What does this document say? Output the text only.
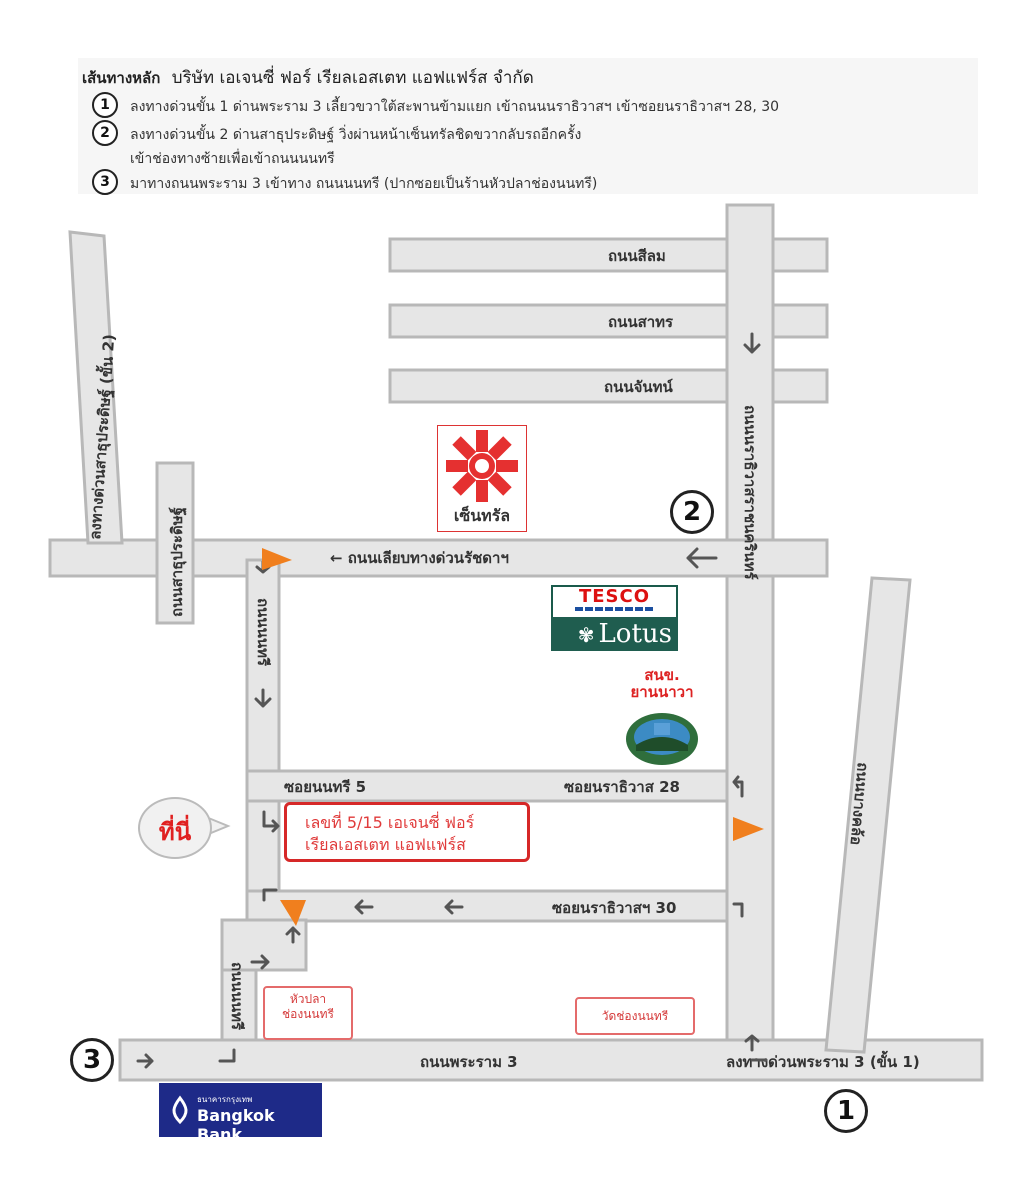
เส้นทางหลัก บริษัท เอเจนซี่ ฟอร์ เรียลเอสเตท แอฟแฟร์ส จำกัด
1	ลงทางด่วนขั้น 1 ด่านพระราม 3 เลี้ยวขวาใต้สะพานข้ามแยก เข้าถนนนราธิวาสฯ เข้าซอยนราธิวาสฯ 28, 30
2	ลงทางด่วนขั้น 2 ด่านสาธุประดิษฐ์ วิ่งผ่านหน้าเซ็นทรัลชิดขวากลับรถอีกครั้ง
เข้าช่องทางซ้ายเพื่อเข้าถนนนนทรี
3	มาทางถนนพระราม 3 เข้าทาง ถนนนนทรี (ปากซอยเป็นร้านหัวปลาช่องนนทรี)
ถนนสีลม
ถนนสาทร
ถนนจันทน์
← ถนนเลียบทางด่วนรัชดาฯ	ถนนนราธิวาสราชนครินทร์
ลงทางด่วนสาธุประดิษฐ์ (ขั้น 2)
ถนนสาธุประดิษฐ์
ถนนนนทรี
ถนนนนทรี
ซอยนนทรี 5	ซอยนราธิวาส 28
ซอยนราธิวาสฯ 30
ถนนบางคล้อ
ถนนพระราม 3	ลงทางด่วนพระราม 3 (ขั้น 1)
2
3
1
ที่นี่	เลขที่ 5/15 เอเจนซี่ ฟอร์
เรียลเอสเตท แอฟแฟร์ส
เซ็นทรัล
TESCO
✾ Lotus
สนข.
ยานนาวา
หัวปลา
ช่องนนทรี	วัดช่องนนทรี
ธนาคารกรุงเทพ
Bangkok Bank
